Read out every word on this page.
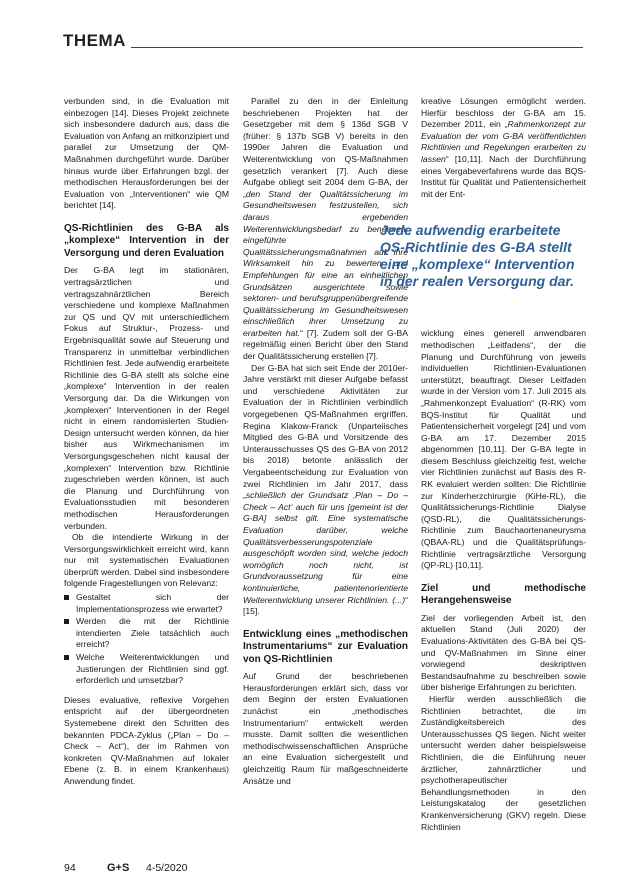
THEMA

verbunden sind, in die Evaluation mit einbezogen [14]. Dieses Projekt zeichnete sich insbesondere dadurch aus, dass die Evaluation von Anfang an mitkonzipiert und parallel zur Umsetzung der QM-Maßnahmen durchgeführt wurde. Darüber hinaus wurde über Erfahrungen bzgl. der methodischen Herausforderungen bei der Evaluation von „Interventionen“ wie QM berichtet [14].

QS-Richtlinien des G-BA als „komplexe“ Intervention in der Versorgung und deren Evaluation

Der G-BA legt im stationären, vertragsärztlichen und vertragszahnärztlichen Bereich verschiedene und komplexe Maßnahmen zur QS und QV mit unterschiedlichem Fokus auf Struktur-, Prozess- und Ergebnisqualität sowie auf Steuerung und Transparenz in unmittelbar verbindlichen Richtlinien fest. Jede aufwendig erarbeitete Richtlinie des G-BA stellt als solche eine „komplexe“ Intervention in der realen Versorgung dar. Da die Wirkungen von „komplexen“ Interventionen in der Regel nicht in einem randomisierten Studien-Design untersucht werden können, da hier bisher aus Wirkmechanismen im Versorgungsgeschehen nicht kausal der „komplexen“ Intervention bzw. Richtlinie zugeschrieben werden können, ist auch die Planung und Durchführung von Evaluationsstudien mit besonderen methodischen Herausforderungen verbunden.

Ob die intendierte Wirkung in der Versorgungswirklichkeit erreicht wird, kann nur mit systematischen Evaluationen überprüft werden. Dabei sind insbesondere folgende Fragestellungen von Relevanz:

Gestaltet sich der Implementationsprozess wie erwartet?
Werden die mit der Richtlinie intendierten Ziele tatsächlich auch erreicht?
Welche Weiterentwicklungen und Justierungen der Richtlinien sind ggf. erforderlich und umsetzbar?

Dieses evaluative, reflexive Vorgehen entspricht auf der übergeordneten Systemebene direkt den Schritten des bekannten PDCA-Zyklus („Plan – Do – Check – Act“), der im Rahmen von konkreten QV-Maßnahmen auf lokaler Ebene (z. B. in einem Krankenhaus) Anwendung findet.

Parallel zu den in der Einleitung beschriebenen Projekten hat der Gesetzgeber mit dem § 136d SGB V (früher: § 137b SGB V) bereits in den 1990er Jahren die Evaluation und Weiterentwicklung von QS-Maßnahmen gesetzlich verankert [7]. Auch diese Aufgabe obliegt seit 2004 dem G-BA, der „den Stand der Qualitätssicherung im Gesundheitswesen festzustellen, sich daraus ergebenden Weiterentwicklungsbedarf zu benennen, eingeführte Qualitätssicherungsmaßnahmen auf ihre Wirksamkeit hin zu bewerten und Empfehlungen für eine an einheitlichen Grundsätzen ausgerichtete sowie sektoren- und berufsgruppenübergreifende Qualitätssicherung im Gesundheitswesen einschließlich ihrer Umsetzung zu erarbeiten hat.“ [7]. Zudem soll der G-BA regelmäßig einen Bericht über den Stand der Qualitätssicherung erstellen [7].

Der G-BA hat sich seit Ende der 2010er-Jahre verstärkt mit dieser Aufgabe befasst und verschiedene Aktivitäten zur Evaluation der in Richtlinien verbindlich vorgegebenen QS-Maßnahmen ergriffen. Regina Klakow-Franck (Unparteiisches Mitglied des G-BA und Vorsitzende des Unterausschusses QS des G-BA von 2012 bis 2018) betonte anlässlich der Vergabeentscheidung zur Evaluation von zwei Richtlinien im Jahr 2017, dass „schließlich der Grundsatz ‚Plan – Do – Check – Act‘ auch für uns [gemeint ist der G-BA] selbst gilt. Eine systematische Evaluation darüber, welche Qualitätsverbesserungspotenziale ausgeschöpft worden sind, welche jedoch womöglich noch nicht, ist Grundvoraussetzung für eine kontinuierliche, patientenorientierte Weiterentwicklung unserer Richtlinien. (...)“ [15].

Entwicklung eines „methodischen Instrumentariums“ zur Evaluation von QS-Richtlinien

Auf Grund der beschriebenen Herausforderungen erklärt sich, dass vor dem Beginn der ersten Evaluationen zunächst ein „methodisches Instrumentarium“ entwickelt werden musste. Damit sollten die wesentlichen methodischwissenschaftlichen Ansprüche an eine Evaluation sichergestellt und gleichzeitig Raum für maßgeschneiderte Ansätze und

Jede aufwendig erarbeitete
QS-Richtlinie des G-BA stellt
eine „komplexe“ Intervention
in der realen Versorgung dar.

kreative Lösungen ermöglicht werden. Hierfür beschloss der G-BA am 15. Dezember 2011, ein „Rahmenkonzept zur Evaluation der vom G-BA veröffentlichten Richtlinien und Regelungen erarbeiten zu lassen“ [10,11]. Nach der Durchführung eines Vergabeverfahrens wurde das BQS-Institut für Qualität und Patientensicherheit mit der Ent-

wicklung eines generell anwendbaren methodischen „Leitfadens“, der die Planung und Durchführung von jeweils individuellen Richtlinien-Evaluationen unterstützt, beauftragt. Dieser Leitfaden wurde in der Version vom 17. Juli 2015 als „Rahmenkonzept Evaluation“ (R-RK) vom BQS-Institut für Qualität und Patientensicherheit vorgelegt [24] und vom G-BA am 17. Dezember 2015 abgenommen [10,11]. Der G-BA legte in diesem Beschluss gleichzeitig fest, welche vier Richtlinien zunächst auf Basis des R-RK evaluiert werden sollten: Die Richtlinie zur Kinderherzchirurgie (KiHe-RL), die Qualitätssicherungs-Richtlinie Dialyse (QSD-RL), die Qualitätssicherungs-Richtlinie zum Bauchaortenaneurysma (QBAA-RL) und die Qualitätsprüfungs-Richtlinie vertragsärztliche Versorgung (QP-RL) [10,11].

Ziel und methodische Herangehensweise

Ziel der vorliegenden Arbeit ist, den aktuellen Stand (Juli 2020) der Evaluations-Aktivitäten des G-BA bei QS- und QV-Maßnahmen im Sinne einer vorwiegend deskriptiven Bestandsaufnahme zu beschreiben sowie über bisherige Erfahrungen zu berichten.

Hierfür werden ausschließlich die Richtlinien betrachtet, die im Zuständigkeitsbereich des Unterausschusses QS liegen. Nicht weiter untersucht werden daher beispielsweise Richtlinien, die die Einführung neuer ärztlicher, zahnärztlicher und psychotherapeutischer Behandlungsmethoden in den Leistungskatalog der gesetzlichen Krankenversicherung (GKV) regeln. Diese Richtlinien

94	G+S 4-5/2020
